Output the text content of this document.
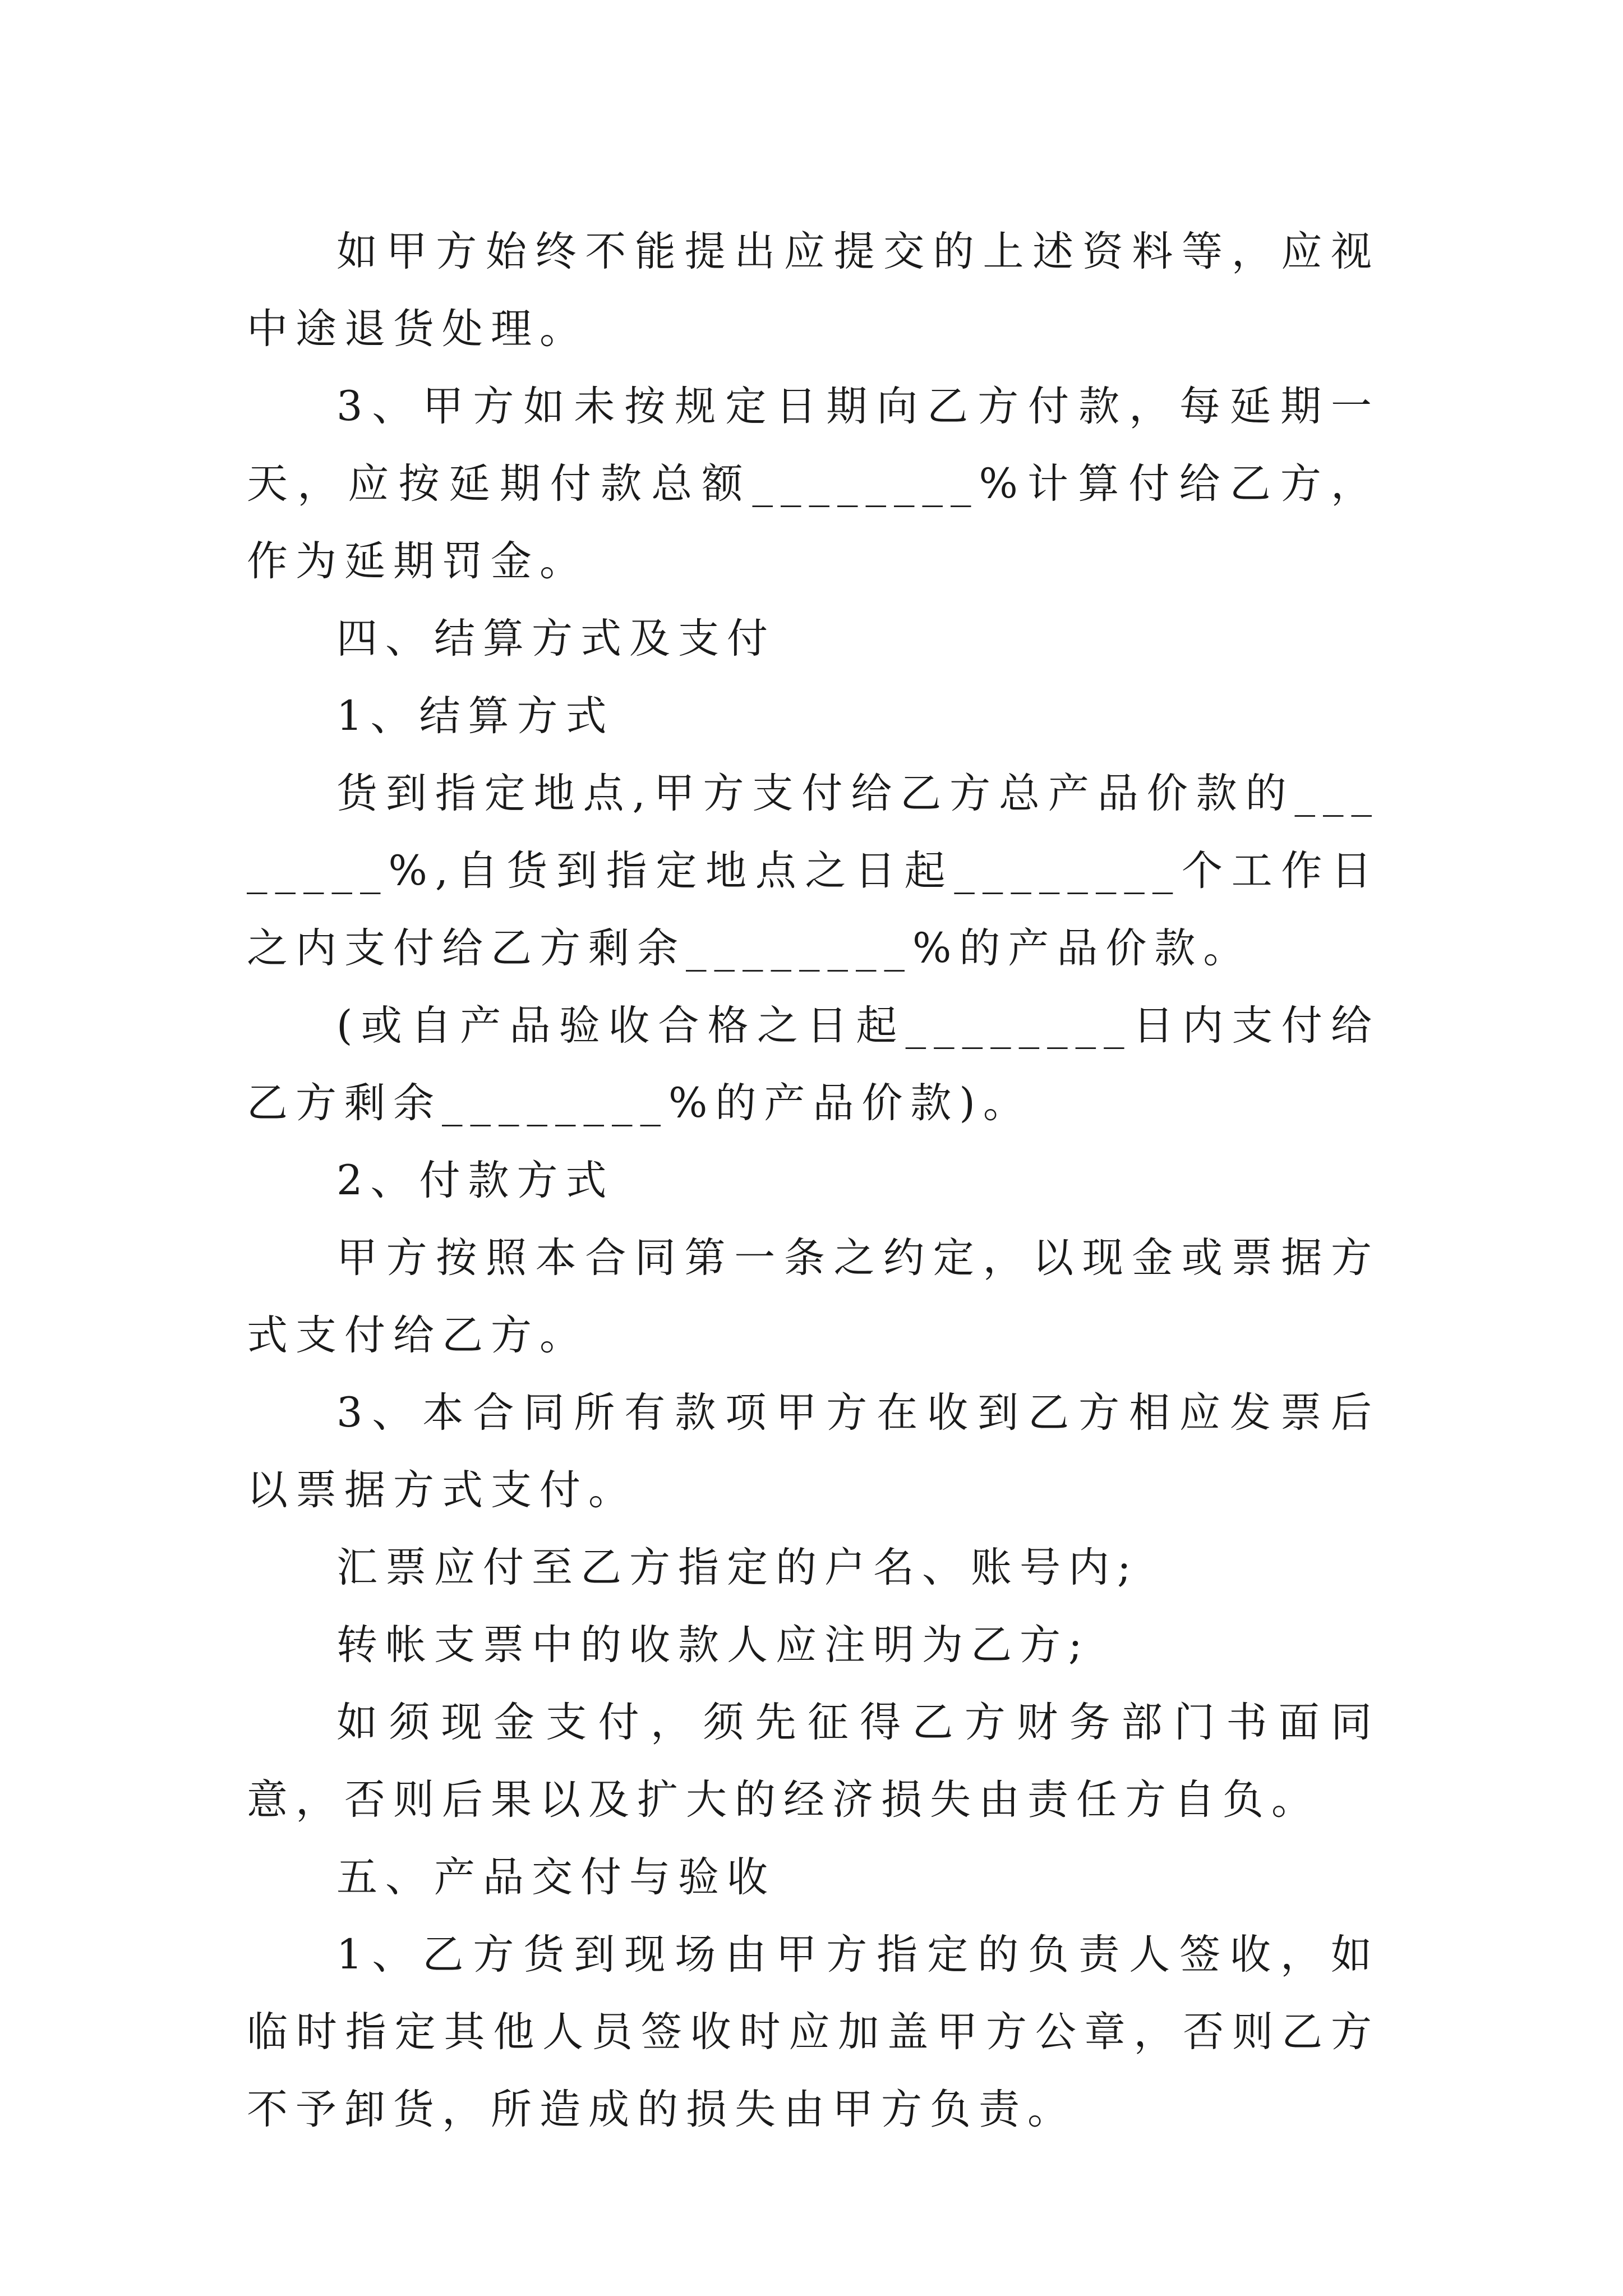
如甲方始终不能提出应提交的上述资料等，应视中途退货处理。

3、甲方如未按规定日期向乙方付款，每延期一天，应按延期付款总额________%计算付给乙方，作为延期罚金。

四、结算方式及支付

1、结算方式

货到指定地点,甲方支付给乙方总产品价款的________%,自货到指定地点之日起________个工作日之内支付给乙方剩余________%的产品价款。

(或自产品验收合格之日起________日内支付给乙方剩余________%的产品价款)。

2、付款方式

甲方按照本合同第一条之约定，以现金或票据方式支付给乙方。

3、本合同所有款项甲方在收到乙方相应发票后以票据方式支付。

汇票应付至乙方指定的户名、账号内;

转帐支票中的收款人应注明为乙方;

如须现金支付，须先征得乙方财务部门书面同意，否则后果以及扩大的经济损失由责任方自负。

五、产品交付与验收

1、乙方货到现场由甲方指定的负责人签收，如临时指定其他人员签收时应加盖甲方公章，否则乙方不予卸货，所造成的损失由甲方负责。
